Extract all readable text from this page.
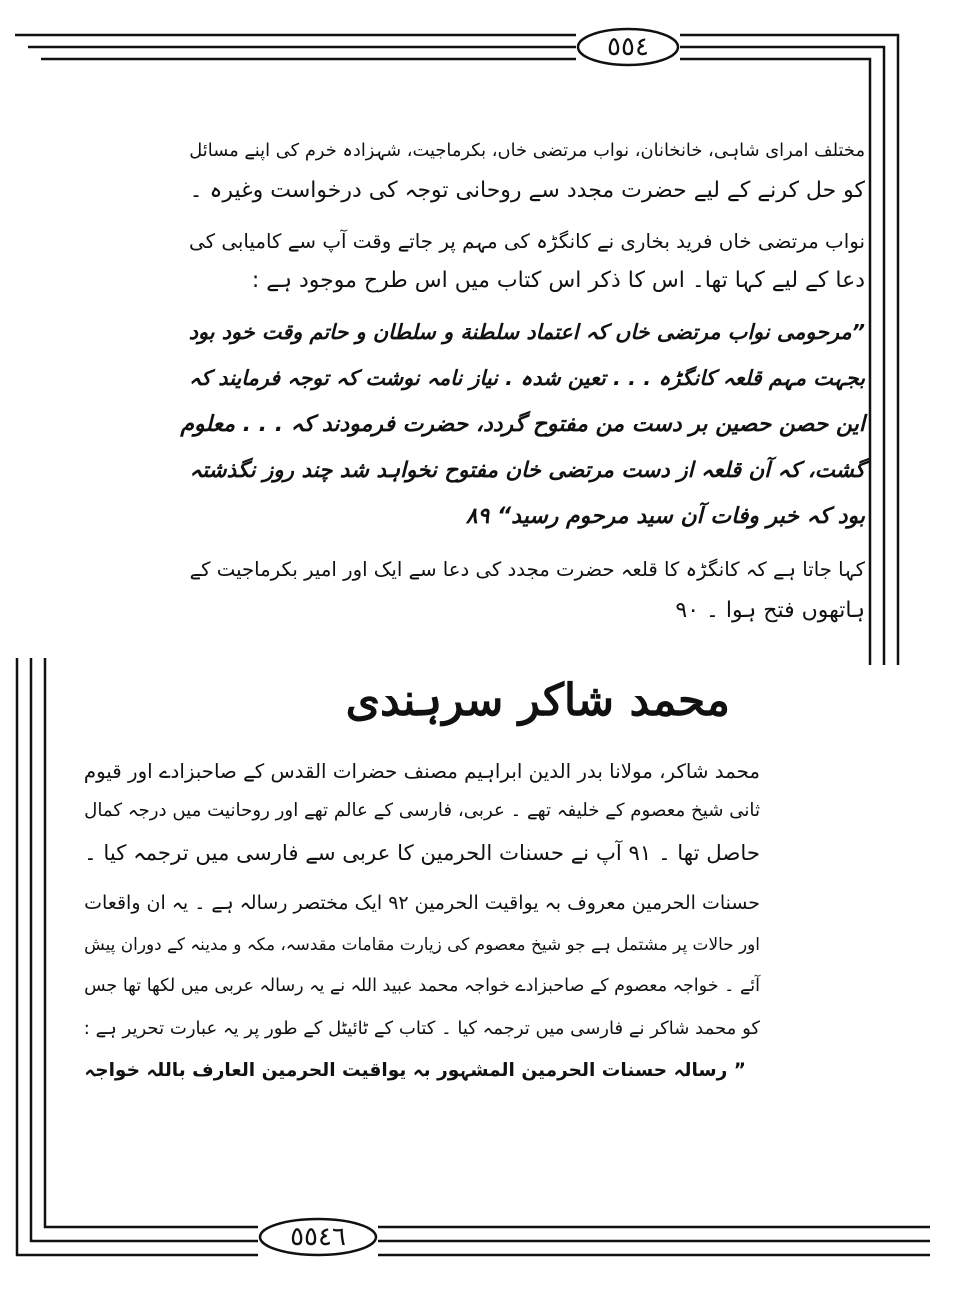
٥٥٤
٥٥٤٦
مختلف امرای شاہی، خانخانان، نواب مرتضی خاں، بکرماجیت، شہزادہ خرم کی اپنے مسائل
کو حل کرنے کے لیے حضرت مجدد سے روحانی توجہ کی درخواست وغیرہ ۔
نواب مرتضی خاں فرید بخاری نے کانگڑہ کی مہم پر جاتے وقت آپ سے کامیابی کی
دعا کے لیے کہا تھا۔ اس کا ذکر اس کتاب میں اس طرح موجود ہے :
”مرحومی نواب مرتضی خاں کہ اعتماد سلطنة و سلطان و حاتم وقت خود بود
بجہت مہم قلعہ کانگڑہ . . . تعین شدہ . نیاز نامہ نوشت کہ توجہ فرمایند کہ
این حصن حصین بر دست من مفتوح گردد، حضرت فرمودند کہ . . . معلوم
گشت، کہ آن قلعہ از دست مرتضی خان مفتوح نخواہد شد چند روز نگذشتہ
بود کہ خبر وفات آن سید مرحوم رسید“ ۸۹
کہا جاتا ہے کہ کانگڑہ کا قلعہ حضرت مجدد کی دعا سے ایک اور امیر بکرماجیت کے
ہاتھوں فتح ہوا ۔ ۹۰
محمد شاکر سرہندی
محمد شاکر، مولانا بدر الدین ابراہیم مصنف حضرات القدس کے صاحبزادے اور قیوم
ثانی شیخ معصوم کے خلیفہ تھے ۔ عربی، فارسی کے عالم تھے اور روحانیت میں درجہ کمال
حاصل تھا ۔ ۹۱ آپ نے حسنات الحرمین کا عربی سے فارسی میں ترجمہ کیا ۔
حسنات الحرمین معروف بہ یواقیت الحرمین ۹۲ ایک مختصر رسالہ ہے ۔ یہ ان واقعات
اور حالات پر مشتمل ہے جو شیخ معصوم کی زیارت مقامات مقدسہ، مکہ و مدینہ کے دوران پیش
آئے ۔ خواجہ معصوم کے صاحبزادے خواجہ محمد عبید اللہ نے یہ رسالہ عربی میں لکھا تھا جس
کو محمد شاکر نے فارسی میں ترجمہ کیا ۔ کتاب کے ٹائیٹل کے طور پر یہ عبارت تحریر ہے :
” رسالہ حسنات الحرمین المشہور بہ یواقیت الحرمین العارف باللہ خواجہ
